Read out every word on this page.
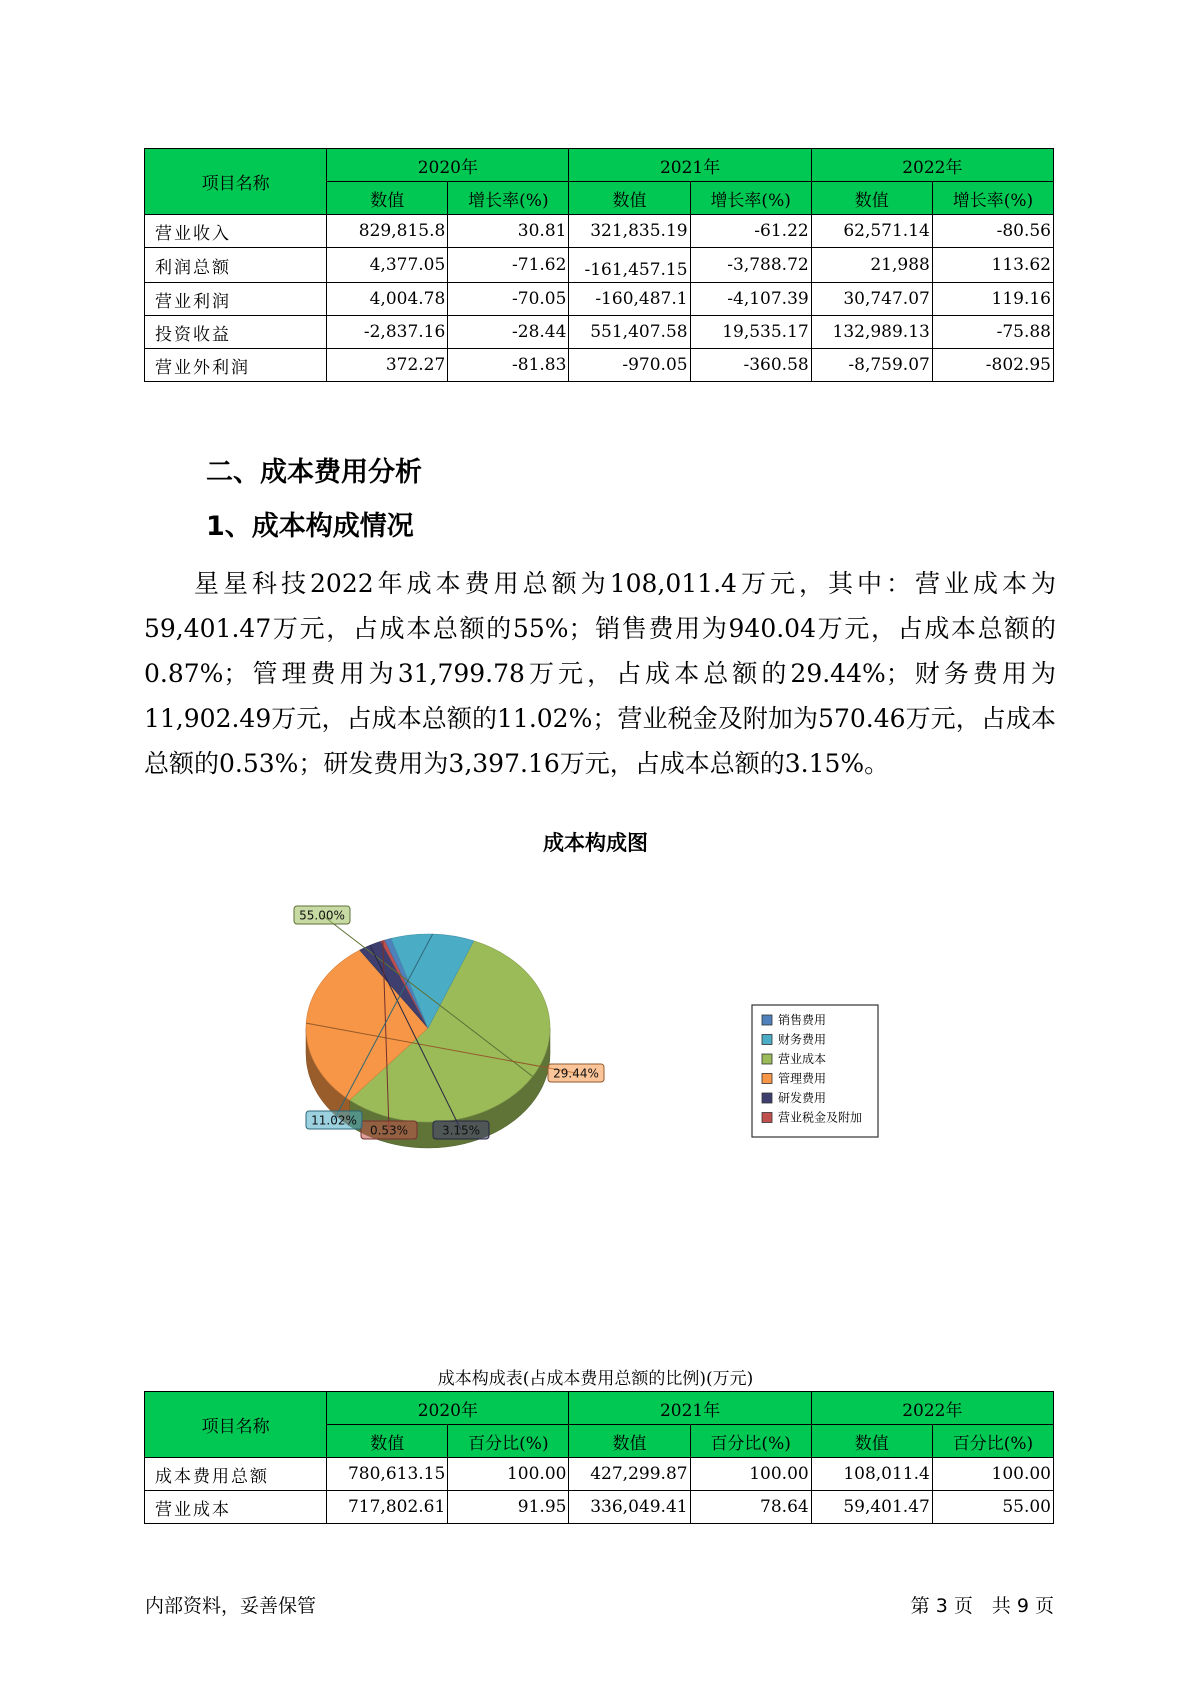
项目名称	2020年		2021年		2022年	
	数值	增长率(%)	数值	增长率(%)	数值	增长率(%)
营业收入	829,815.8	30.81	321,835.19	-61.22	62,571.14	-80.56
利润总额	4,377.05	-71.62	-161,457.15	-3,788.72	21,988	113.62
营业利润	4,004.78	-70.05	-160,487.1	-4,107.39	30,747.07	119.16
投资收益	-2,837.16	-28.44	551,407.58	19,535.17	132,989.13	-75.88
营业外利润	372.27	-81.83	-970.05	-360.58	-8,759.07	-802.95
二、成本费用分析
1、成本构成情况

星星科技2022年成本费用总额为108,011.4万元，其中：营业成本为59,401.47万元，占成本总额的55%；销售费用为940.04万元，占成本总额的0.87%；管理费用为31,799.78万元，占成本总额的29.44%；财务费用为11,902.49万元，占成本总额的11.02%；营业税金及附加为570.46万元，占成本总额的0.53%；研发费用为3,397.16万元，占成本总额的3.15%。

成本构成图
55.00%
29.44%
3.15%
0.53%
11.02%
销售费用
财务费用
营业成本
管理费用
研发费用
营业税金及附加
成本构成表(占成本费用总额的比例)(万元)
项目名称	2020年		2021年		2022年	
	数值	百分比(%)	数值	百分比(%)	数值	百分比(%)
成本费用总额	780,613.15	100.00	427,299.87	100.00	108,011.4	100.00
营业成本	717,802.61	91.95	336,049.41	78.64	59,401.47	55.00
内部资料，妥善保管	第 3 页　共 9 页
